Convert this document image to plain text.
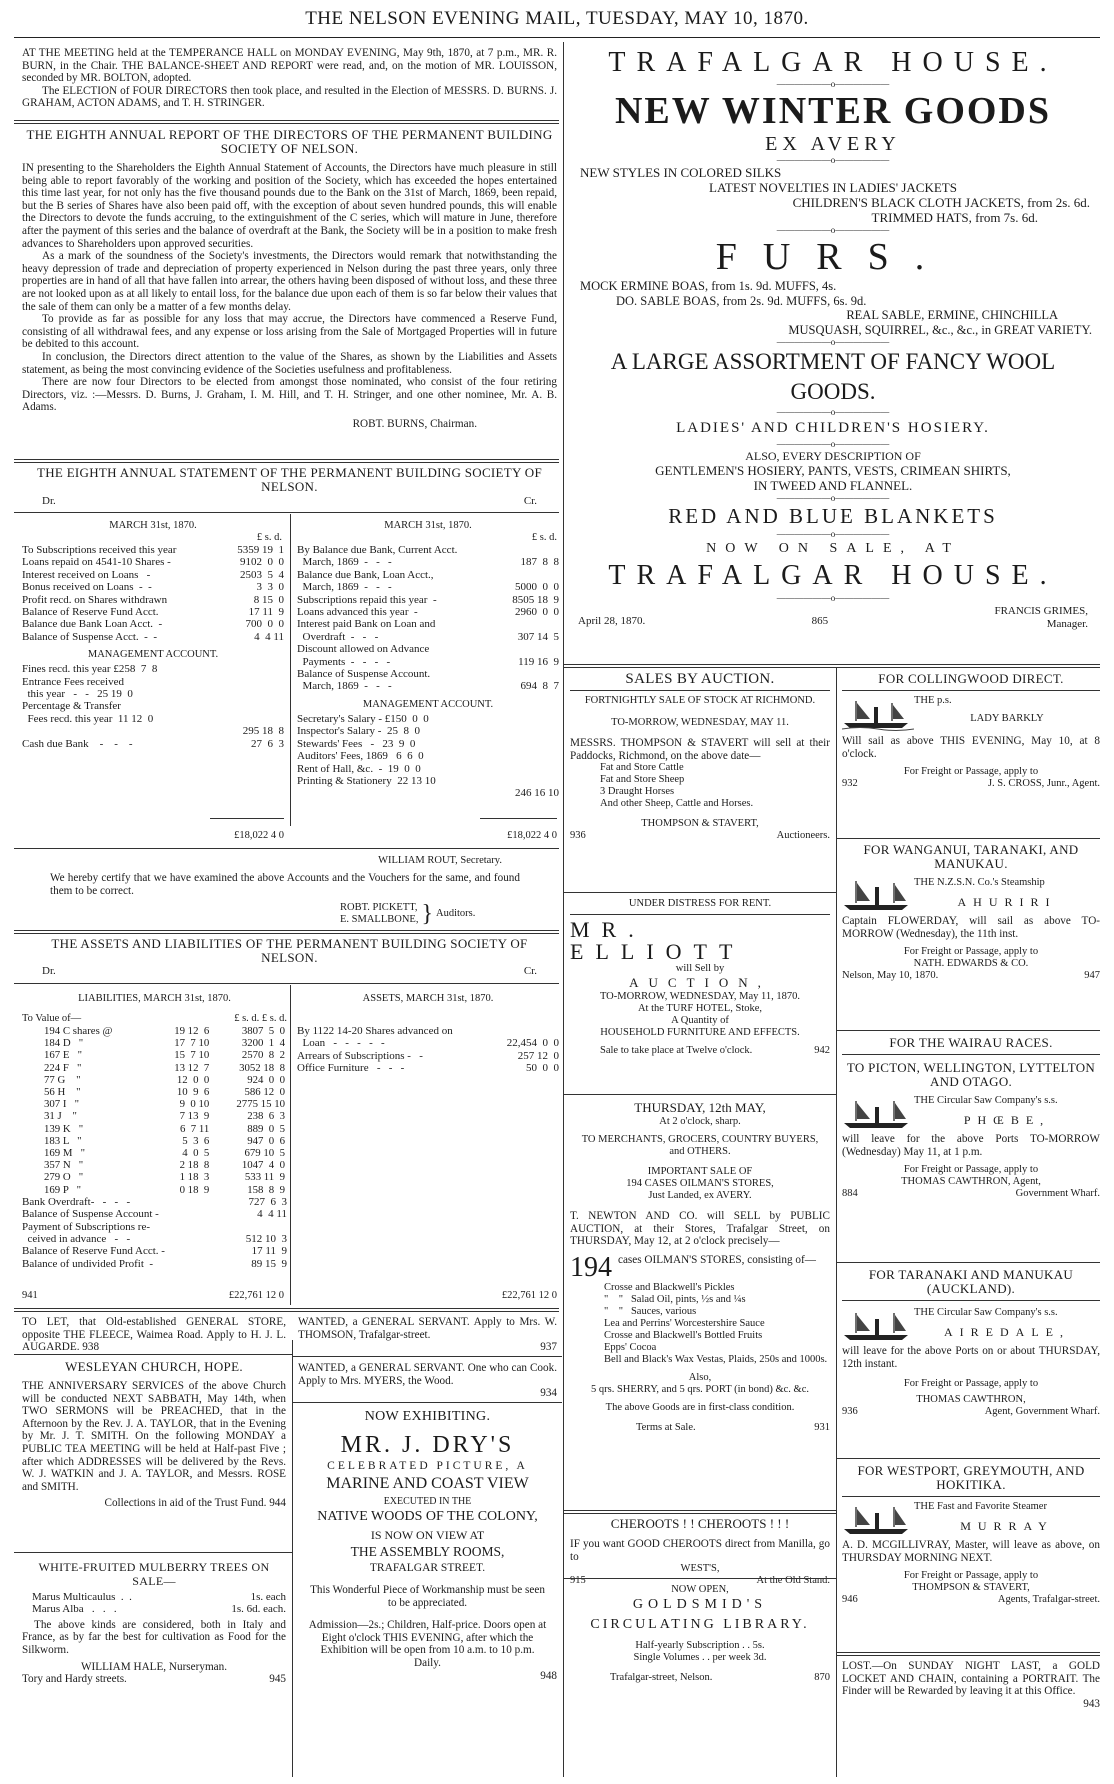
THE NELSON EVENING MAIL, TUESDAY, MAY 10, 1870.

AT THE MEETING held at the TEMPERANCE HALL on MONDAY EVENING, May 9th, 1870, at 7 p.m., MR. R. BURN, in the Chair. THE BALANCE-SHEET AND REPORT were read, and, on the motion of MR. LOUISSON, seconded by MR. BOLTON, adopted.

The ELECTION of FOUR DIRECTORS then took place, and resulted in the Election of MESSRS. D. BURNS. J. GRAHAM, ACTON ADAMS, and T. H. STRINGER.

THE EIGHTH ANNUAL REPORT OF THE DIRECTORS OF THE PERMANENT BUILDING SOCIETY OF NELSON.

IN presenting to the Shareholders the Eighth Annual Statement of Accounts, the Directors have much pleasure in still being able to report favorably of the working and position of the Society, which has exceeded the hopes entertained this time last year, for not only has the five thousand pounds due to the Bank on the 31st of March, 1869, been repaid, but the B series of Shares have also been paid off, with the exception of about seven hundred pounds, this will enable the Directors to devote the funds accruing, to the extinguishment of the C series, which will mature in June, therefore after the payment of this series and the balance of overdraft at the Bank, the Society will be in a position to make fresh advances to Shareholders upon approved securities.

As a mark of the soundness of the Society's investments, the Directors would remark that notwithstanding the heavy depression of trade and depreciation of property experienced in Nelson during the past three years, only three properties are in hand of all that have fallen into arrear, the others having been disposed of without loss, and these three are not looked upon as at all likely to entail loss, for the balance due upon each of them is so far below their values that the sale of them can only be a matter of a few months delay.

To provide as far as possible for any loss that may accrue, the Directors have commenced a Reserve Fund, consisting of all withdrawal fees, and any expense or loss arising from the Sale of Mortgaged Properties will in future be debited to this account.

In conclusion, the Directors direct attention to the value of the Shares, as shown by the Liabilities and Assets statement, as being the most convincing evidence of the Societies usefulness and profitableness.

There are now four Directors to be elected from amongst those nominated, who consist of the four retiring Directors, viz. :—Messrs. D. Burns, J. Graham, I. M. Hill, and T. H. Stringer, and one other nominee, Mr. A. B. Adams.

ROBT. BURNS, Chairman.
THE EIGHTH ANNUAL STATEMENT OF THE PERMANENT BUILDING SOCIETY OF NELSON.
Dr.	Cr.
MARCH 31st, 1870.
£ s. d.
To Subscriptions received this year	5359 19  1
Loans repaid on 4541-10 Shares -	9102  0  0
Interest received on Loans   -	2503  5  4
Bonus received on Loans  -  -	3  3  0
Profit recd. on Shares withdrawn	8 15  0
Balance of Reserve Fund Acct.	17 11  9
Balance due Bank Loan Acct.  -	700  0  0
Balance of Suspense Acct.  -  -	4  4 11
MANAGEMENT ACCOUNT.
Fines recd. this year £258  7  8
Entrance Fees received
this year   -   -   25 19  0
Percentage & Transfer
Fees recd. this year  11 12  0
295 18  8
Cash due Bank    -    -    -	27  6  3
£18,022 4 0
MARCH 31st, 1870.
£ s. d.
By Balance due Bank, Current Acct.
March, 1869  -   -   -	187  8  8
Balance due Bank, Loan Acct.,
March, 1869  -   -   -	5000  0  0
Subscriptions repaid this year  -	8505 18  9
Loans advanced this year  -	2960  0  0
Interest paid Bank on Loan and
Overdraft  -   -   -	307 14  5
Discount allowed on Advance
Payments  -   -   -   -	119 16  9
Balance of Suspense Account.
March, 1869  -   -   -	694  8  7
MANAGEMENT ACCOUNT.
Secretary's Salary - £150  0  0
Inspector's Salary -  25  8  0
Stewards' Fees   -   23  9  0
Auditors' Fees, 1869   6  6  0
Rent of Hall, &c.  -  19  0  0
Printing & Stationery  22 13 10
246 16 10
£18,022 4 0
WILLIAM ROUT, Secretary.
We hereby certify that we have examined the above Accounts and the Vouchers for the same, and found them to be correct.
ROBT. PICKETT,
E. SMALLBONE, } Auditors.
THE ASSETS AND LIABILITIES OF THE PERMANENT BUILDING SOCIETY OF NELSON.
Dr.	Cr.
LIABILITIES, MARCH 31st, 1870.
To Value of—	£ s. d. £ s. d.
194 C shares @	19 12  6	3807  5  0
184 D   "	17  7 10	3200  1  4
167 E   "	15  7 10	2570  8  2
224 F   "	13 12  7	3052 18  8
77 G    "	12  0  0	924  0  0
56 H    "	10  9  6	586 12  0
307 I   "	9  0 10	2775 15 10
31 J    "	7 13  9	238  6  3
139 K   "	6  7 11	889  0  5
183 L   "	5  3  6	947  0  6
169 M   "	4  0  5	679 10  5
357 N   "	2 18  8	1047  4  0
279 O   "	1 18  3	533 11  9
169 P   "	0 18  9	158  8  9
Bank Overdraft-   -   -   -	727  6  3
Balance of Suspense Account -	4  4 11
Payment of Subscriptions re-
ceived in advance   -   -	512 10  3
Balance of Reserve Fund Acct. -	17 11  9
Balance of undivided Profit  -	89 15  9
941	£22,761 12 0
ASSETS, MARCH 31st, 1870.
By 1122 14-20 Shares advanced on
Loan   -   -   -   -   -	22,454  0  0
Arrears of Subscriptions -   -	257 12  0
Office Furniture   -   -   -	50  0  0
£22,761 12 0

TO LET, that Old-established GENERAL STORE, opposite THE FLEECE, Waimea Road. Apply to H. J. L. AUGARDE. 938

WESLEYAN CHURCH, HOPE.

THE ANNIVERSARY SERVICES of the above Church will be conducted NEXT SABBATH, May 14th, when TWO SERMONS will be PREACHED, that in the Afternoon by the Rev. J. A. TAYLOR, that in the Evening by Mr. J. T. SMITH. On the following MONDAY a PUBLIC TEA MEETING will be held at Half-past Five ; after which ADDRESSES will be delivered by the Revs. W. J. WATKIN and J. A. TAYLOR, and Messrs. ROSE and SMITH.

Collections in aid of the Trust Fund. 944
WHITE-FRUITED MULBERRY TREES ON SALE—
Marus Multicaulus  .  .	1s. each
Marus Alba   .   .   .	1s. 6d. each.

The above kinds are considered, both in Italy and France, as by far the best for cultivation as Food for the Silkworm.

WILLIAM HALE, Nurseryman.
Tory and Hardy streets.	945

WANTED, a GENERAL SERVANT. Apply to Mrs. W. THOMSON, Trafalgar-street.

937

WANTED, a GENERAL SERVANT. One who can Cook. Apply to Mrs. MYERS, the Wood.

934
NOW EXHIBITING.
MR. J. DRY'S
CELEBRATED PICTURE, A
MARINE AND COAST VIEW
EXECUTED IN THE
NATIVE WOODS OF THE COLONY,
IS NOW ON VIEW AT
THE ASSEMBLY ROOMS,
TRAFALGAR STREET.

This Wonderful Piece of Workmanship must be seen to be appreciated.

Admission—2s.; Children, Half-price. Doors open at Eight o'clock THIS EVENING, after which the Exhibition will be open from 10 a.m. to 10 p.m. Daily.

948
TRAFALGAR HOUSE.
——————o——————
NEW WINTER GOODS
EX AVERY
——————o——————
NEW STYLES IN COLORED SILKS
LATEST NOVELTIES IN LADIES' JACKETS
CHILDREN'S BLACK CLOTH JACKETS, from 2s. 6d.
TRIMMED HATS, from 7s. 6d.
——————o——————
FURS.
MOCK ERMINE BOAS, from 1s. 9d. MUFFS, 4s.
DO. SABLE BOAS, from 2s. 9d. MUFFS, 6s. 9d.
REAL SABLE, ERMINE, CHINCHILLA
MUSQUASH, SQUIRREL, &c., &c., in GREAT VARIETY.
——————o——————
A LARGE ASSORTMENT OF FANCY WOOL GOODS.
——————o——————
LADIES' AND CHILDREN'S HOSIERY.
——————o——————
ALSO, EVERY DESCRIPTION OF
GENTLEMEN'S HOSIERY, PANTS, VESTS, CRIMEAN SHIRTS,
IN TWEED AND FLANNEL.
——————o——————
RED AND BLUE BLANKETS
——————o——————
NOW ON SALE, AT
TRAFALGAR HOUSE.
——————o——————
April 28, 1870.	865
FRANCIS GRIMES,
Manager.
SALES BY AUCTION.
FORTNIGHTLY SALE OF STOCK AT RICHMOND.
TO-MORROW, WEDNESDAY, MAY 11.

MESSRS. THOMPSON & STAVERT will sell at their Paddocks, Richmond, on the above date—

Fat and Store Cattle
Fat and Store Sheep
3 Draught Horses
And other Sheep, Cattle and Horses.
THOMPSON & STAVERT,
936	Auctioneers.
UNDER DISTRESS FOR RENT.
MR. ELLIOTT
will Sell by
AUCTION,
TO-MORROW, WEDNESDAY, May 11, 1870.
At the TURF HOTEL, Stoke,
A Quantity of
HOUSEHOLD FURNITURE AND EFFECTS.
Sale to take place at Twelve o'clock.	942
THURSDAY, 12th MAY,
At 2 o'clock, sharp.
TO MERCHANTS, GROCERS, COUNTRY BUYERS, and OTHERS.
IMPORTANT SALE OF
194 CASES OILMAN'S STORES,
Just Landed, ex AVERY.

T. NEWTON AND CO. will SELL by PUBLIC AUCTION, at their Stores, Trafalgar Street, on THURSDAY, May 12, at 2 o'clock precisely—

194 cases OILMAN'S STORES, consisting of—
Crosse and Blackwell's Pickles
"    "   Salad Oil, pints, ½s and ¼s
"    "   Sauces, various
Lea and Perrins' Worcestershire Sauce
Crosse and Blackwell's Bottled Fruits
Epps' Cocoa
Bell and Black's Wax Vestas, Plaids, 250s and 1000s.
Also,
5 qrs. SHERRY, and 5 qrs. PORT (in bond) &c. &c.
The above Goods are in first-class condition.
Terms at Sale.	931
CHEROOTS ! ! CHEROOTS ! ! !

IF you want GOOD CHEROOTS direct from Manilla, go to

WEST'S,
915	At the Old Stand.
NOW OPEN,
GOLDSMID'S
CIRCULATING LIBRARY.
Half-yearly Subscription . . 5s.
Single Volumes . . per week 3d.
Trafalgar-street, Nelson.	870
FOR COLLINGWOOD DIRECT.
THE p.s.
LADY BARKLY

Will sail as above THIS EVENING, May 10, at 8 o'clock.

For Freight or Passage, apply to
932	J. S. CROSS, Junr., Agent.
FOR WANGANUI, TARANAKI, AND MANUKAU.
THE N.Z.S.N. Co.'s Steamship
AHURIRI

Captain FLOWERDAY, will sail as above TO-MORROW (Wednesday), the 11th inst.

For Freight or Passage, apply to
NATH. EDWARDS & CO.
Nelson, May 10, 1870.	947
FOR THE WAIRAU RACES.
TO PICTON, WELLINGTON, LYTTELTON AND OTAGO.
THE Circular Saw Company's s.s.
PHŒBE,

will leave for the above Ports TO-MORROW (Wednesday) May 11, at 1 p.m.

For Freight or Passage, apply to
THOMAS CAWTHRON, Agent,
884	Government Wharf.
FOR TARANAKI AND MANUKAU (AUCKLAND).
THE Circular Saw Company's s.s.
AIREDALE,

will leave for the above Ports on or about THURSDAY, 12th instant.

For Freight or Passage, apply to
THOMAS CAWTHRON,
936	Agent, Government Wharf.
FOR WESTPORT, GREYMOUTH, AND HOKITIKA.
THE Fast and Favorite Steamer
MURRAY

A. D. MCGILLIVRAY, Master, will leave as above, on THURSDAY MORNING NEXT.

For Freight or Passage, apply to
THOMPSON & STAVERT,
946	Agents, Trafalgar-street.

LOST.—On SUNDAY NIGHT LAST, a GOLD LOCKET AND CHAIN, containing a PORTRAIT. The Finder will be Rewarded by leaving it at this Office.

943
